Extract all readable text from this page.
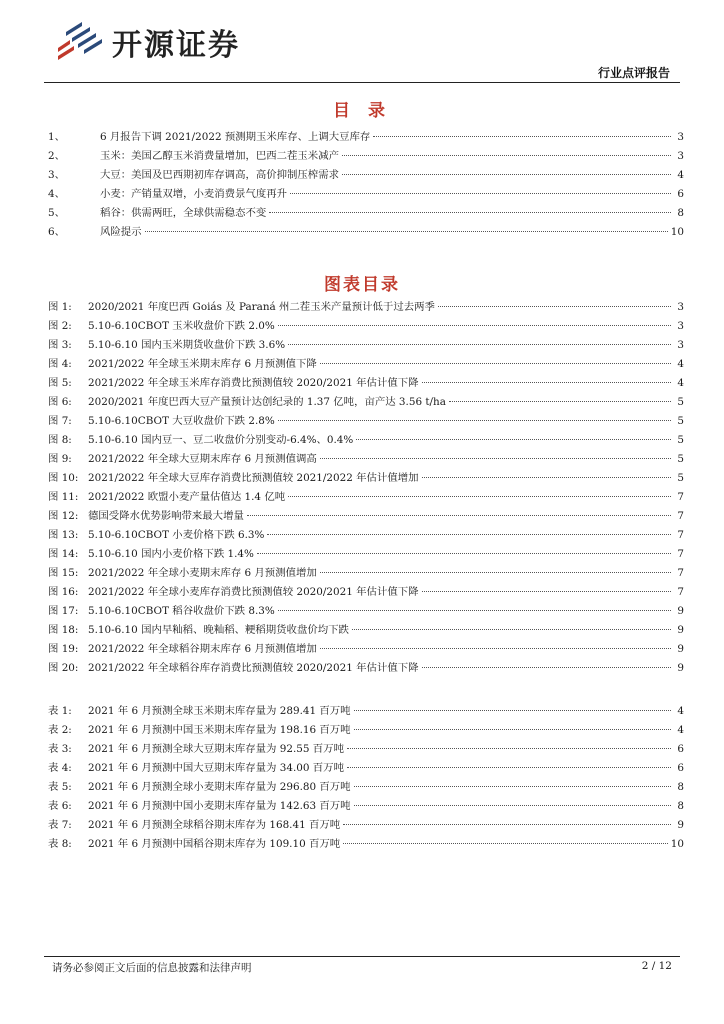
开源证券
行业点评报告
目 录
1、	6 月报告下调 2021/2022 预测期玉米库存、上调大豆库存	3
2、	玉米：美国乙醇玉米消费量增加，巴西二茬玉米减产	3
3、	大豆：美国及巴西期初库存调高，高价抑制压榨需求	4
4、	小麦：产销量双增，小麦消费景气度再升	6
5、	稻谷：供需两旺，全球供需稳态不变	8
6、	风险提示	10
图表目录
图 1:	2020/2021 年度巴西 Goiás 及 Paraná 州二茬玉米产量预计低于过去两季	3
图 2:	5.10-6.10CBOT 玉米收盘价下跌 2.0%	3
图 3:	5.10-6.10 国内玉米期货收盘价下跌 3.6%	3
图 4:	2021/2022 年全球玉米期末库存 6 月预测值下降	4
图 5:	2021/2022 年全球玉米库存消费比预测值较 2020/2021 年估计值下降	4
图 6:	2020/2021 年度巴西大豆产量预计达创纪录的 1.37 亿吨，亩产达 3.56 t/ha	5
图 7:	5.10-6.10CBOT 大豆收盘价下跌 2.8%	5
图 8:	5.10-6.10 国内豆一、豆二收盘价分别变动-6.4%、0.4%	5
图 9:	2021/2022 年全球大豆期末库存 6 月预测值调高	5
图 10: 2021/2022 年全球大豆库存消费比预测值较 2021/2022 年估计值增加	5
图 11: 2021/2022 欧盟小麦产量估值达 1.4 亿吨	7
图 12: 德国受降水优势影响带来最大增量	7
图 13: 5.10-6.10CBOT 小麦价格下跌 6.3%	7
图 14: 5.10-6.10 国内小麦价格下跌 1.4%	7
图 15: 2021/2022 年全球小麦期末库存 6 月预测值增加	7
图 16: 2021/2022 年全球小麦库存消费比预测值较 2020/2021 年估计值下降	7
图 17: 5.10-6.10CBOT 稻谷收盘价下跌 8.3%	9
图 18: 5.10-6.10 国内早籼稻、晚籼稻、粳稻期货收盘价均下跌	9
图 19: 2021/2022 年全球稻谷期末库存 6 月预测值增加	9
图 20: 2021/2022 年全球稻谷库存消费比预测值较 2020/2021 年估计值下降	9
表 1:	2021 年 6 月预测全球玉米期末库存量为 289.41 百万吨	4
表 2:	2021 年 6 月预测中国玉米期末库存量为 198.16 百万吨	4
表 3:	2021 年 6 月预测全球大豆期末库存量为 92.55 百万吨	6
表 4:	2021 年 6 月预测中国大豆期末库存量为 34.00 百万吨	6
表 5:	2021 年 6 月预测全球小麦期末库存量为 296.80 百万吨	8
表 6:	2021 年 6 月预测中国小麦期末库存量为 142.63 百万吨	8
表 7:	2021 年 6 月预测全球稻谷期末库存为 168.41 百万吨	9
表 8:	2021 年 6 月预测中国稻谷期末库存为 109.10 百万吨	10
请务必参阅正文后面的信息披露和法律声明	2 / 12
